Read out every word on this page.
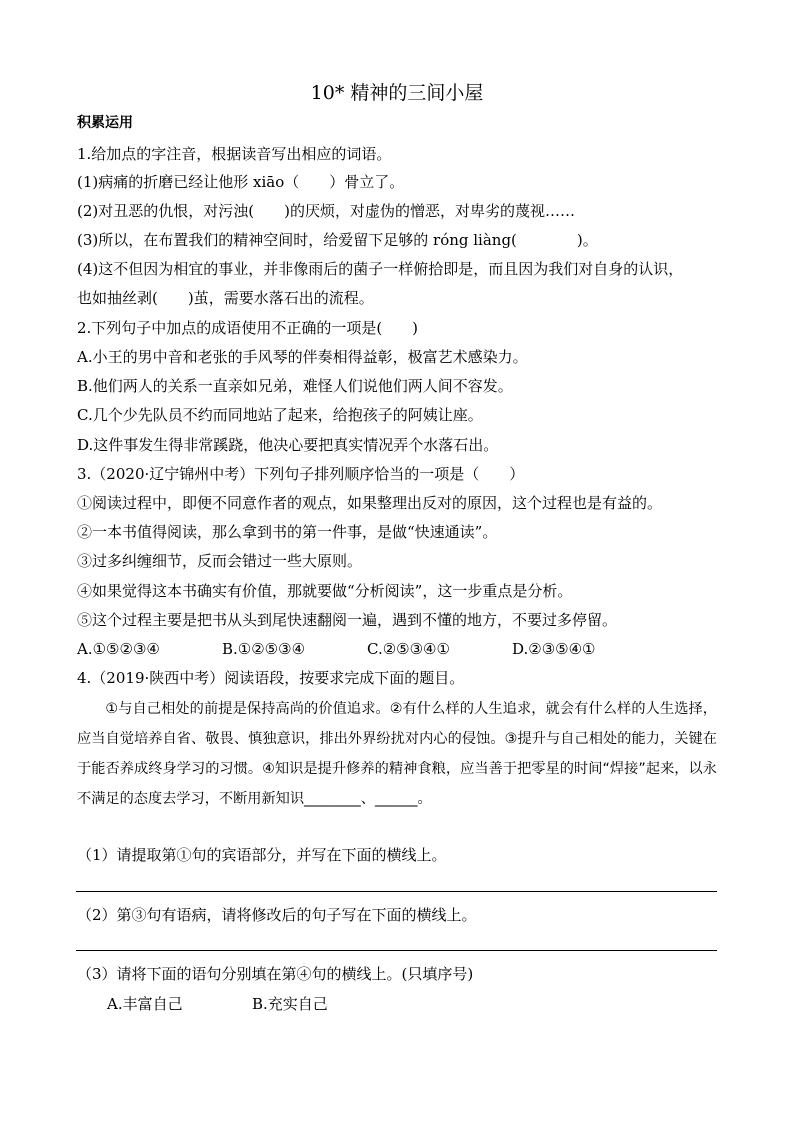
10* 精神的三间小屋
积累运用
1.给加点的字注音，根据读音写出相应的词语。
(1)病痛的折磨已经让他形 xiāo（　　）骨立了。
(2)对丑恶的仇恨，对污浊(　　)的厌烦，对虚伪的憎恶，对卑劣的蔑视……
(3)所以，在布置我们的精神空间时，给爱留下足够的 róng liàng(　　　　)。
(4)这不但因为相宜的事业，并非像雨后的菌子一样俯拾即是，而且因为我们对自身的认识，
也如抽丝剥(　　)茧，需要水落石出的流程。
2.下列句子中加点的成语使用不正确的一项是(　　)
A.小王的男中音和老张的手风琴的伴奏相得益彰，极富艺术感染力。
B.他们两人的关系一直亲如兄弟，难怪人们说他们两人间不容发。
C.几个少先队员不约而同地站了起来，给抱孩子的阿姨让座。
D.这件事发生得非常蹊跷，他决心要把真实情况弄个水落石出。
3.（2020·辽宁锦州中考）下列句子排列顺序恰当的一项是（　　）
①阅读过程中，即便不同意作者的观点，如果整理出反对的原因，这个过程也是有益的。
②一本书值得阅读，那么拿到书的第一件事，是做“快速通读”。
③过多纠缠细节，反而会错过一些大原则。
④如果觉得这本书确实有价值，那就要做“分析阅读”，这一步重点是分析。
⑤这个过程主要是把书从头到尾快速翻阅一遍，遇到不懂的地方，不要过多停留。
A.①⑤②③④	B.①②⑤③④	C.②⑤③④①	D.②③⑤④①
4.（2019·陕西中考）阅读语段，按要求完成下面的题目。
①与自己相处的前提是保持高尚的价值追求。②有什么样的人生追求，就会有什么样的人生选择，应当自觉培养自省、敬畏、慎独意识，排出外界纷扰对内心的侵蚀。③提升与自己相处的能力，关键在于能否养成终身学习的习惯。④知识是提升修养的精神食粮，应当善于把零星的时间“焊接”起来，以永不满足的态度去学习，不断用新知识________、______。
（1）请提取第①句的宾语部分，并写在下面的横线上。
（2）第③句有语病，请将修改后的句子写在下面的横线上。
（3）请将下面的语句分别填在第④句的横线上。(只填序号)
A.丰富自己	B.充实自己
